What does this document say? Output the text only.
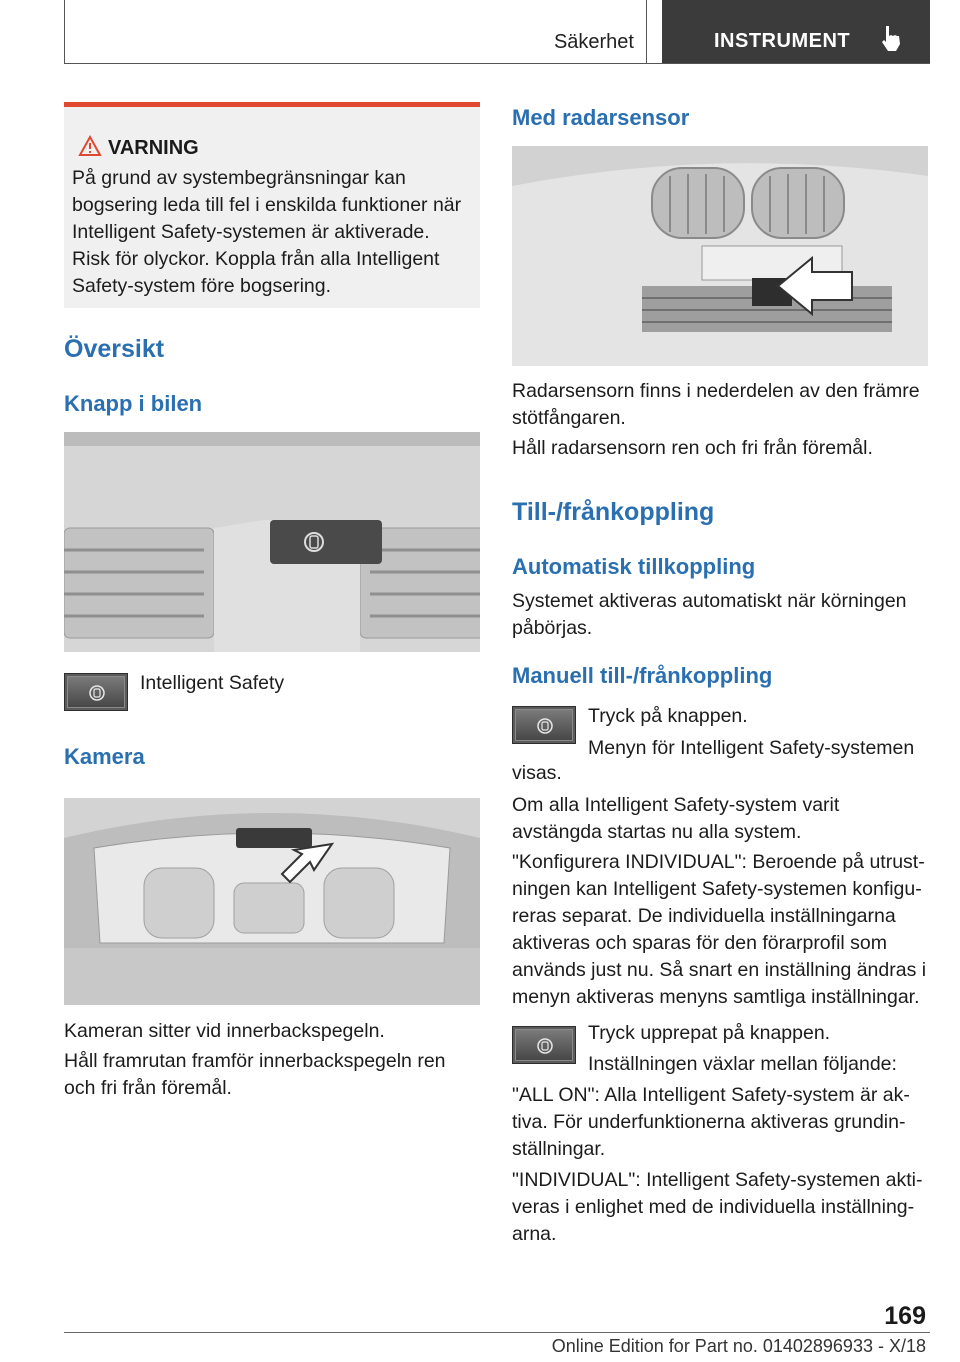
Säkerhet	INSTRUMENT
VARNING
På grund av systembegränsningar kan bogsering leda till fel i enskilda funktioner när Intelligent Safety-systemen är aktiverade. Risk för olyckor. Koppla från alla Intelligent Safety-system före bogsering.
Översikt
Knapp i bilen
Intelligent Safety
Kamera
Kameran sitter vid innerbackspegeln.
Håll framrutan framför innerbackspegeln ren och fri från föremål.
Med radarsensor
Radarsensorn finns i nederdelen av den främre stötfångaren.
Håll radarsensorn ren och fri från föremål.
Till-/frånkoppling
Automatisk tillkoppling
Systemet aktiveras automatiskt när körningen påbörjas.
Manuell till-/frånkoppling
Tryck på knappen.
Menyn för Intelligent Safety-systemen
visas.
Om alla Intelligent Safety-system varit avstängda startas nu alla system.
"Konfigurera INDIVIDUAL": Beroende på utrustningen kan Intelligent Safety-systemen konfigureras separat. De individuella inställningarna aktiveras och sparas för den förarprofil som används just nu. Så snart en inställning ändras i menyn aktiveras menyns samtliga inställningar.
Tryck upprepat på knappen.
Inställningen växlar mellan följande:
"ALL ON": Alla Intelligent Safety-system är aktiva. För underfunktionerna aktiveras grundinställningar.
"INDIVIDUAL": Intelligent Safety-systemen aktiveras i enlighet med de individuella inställningarna.
169
Online Edition for Part no. 01402896933 - X/18
